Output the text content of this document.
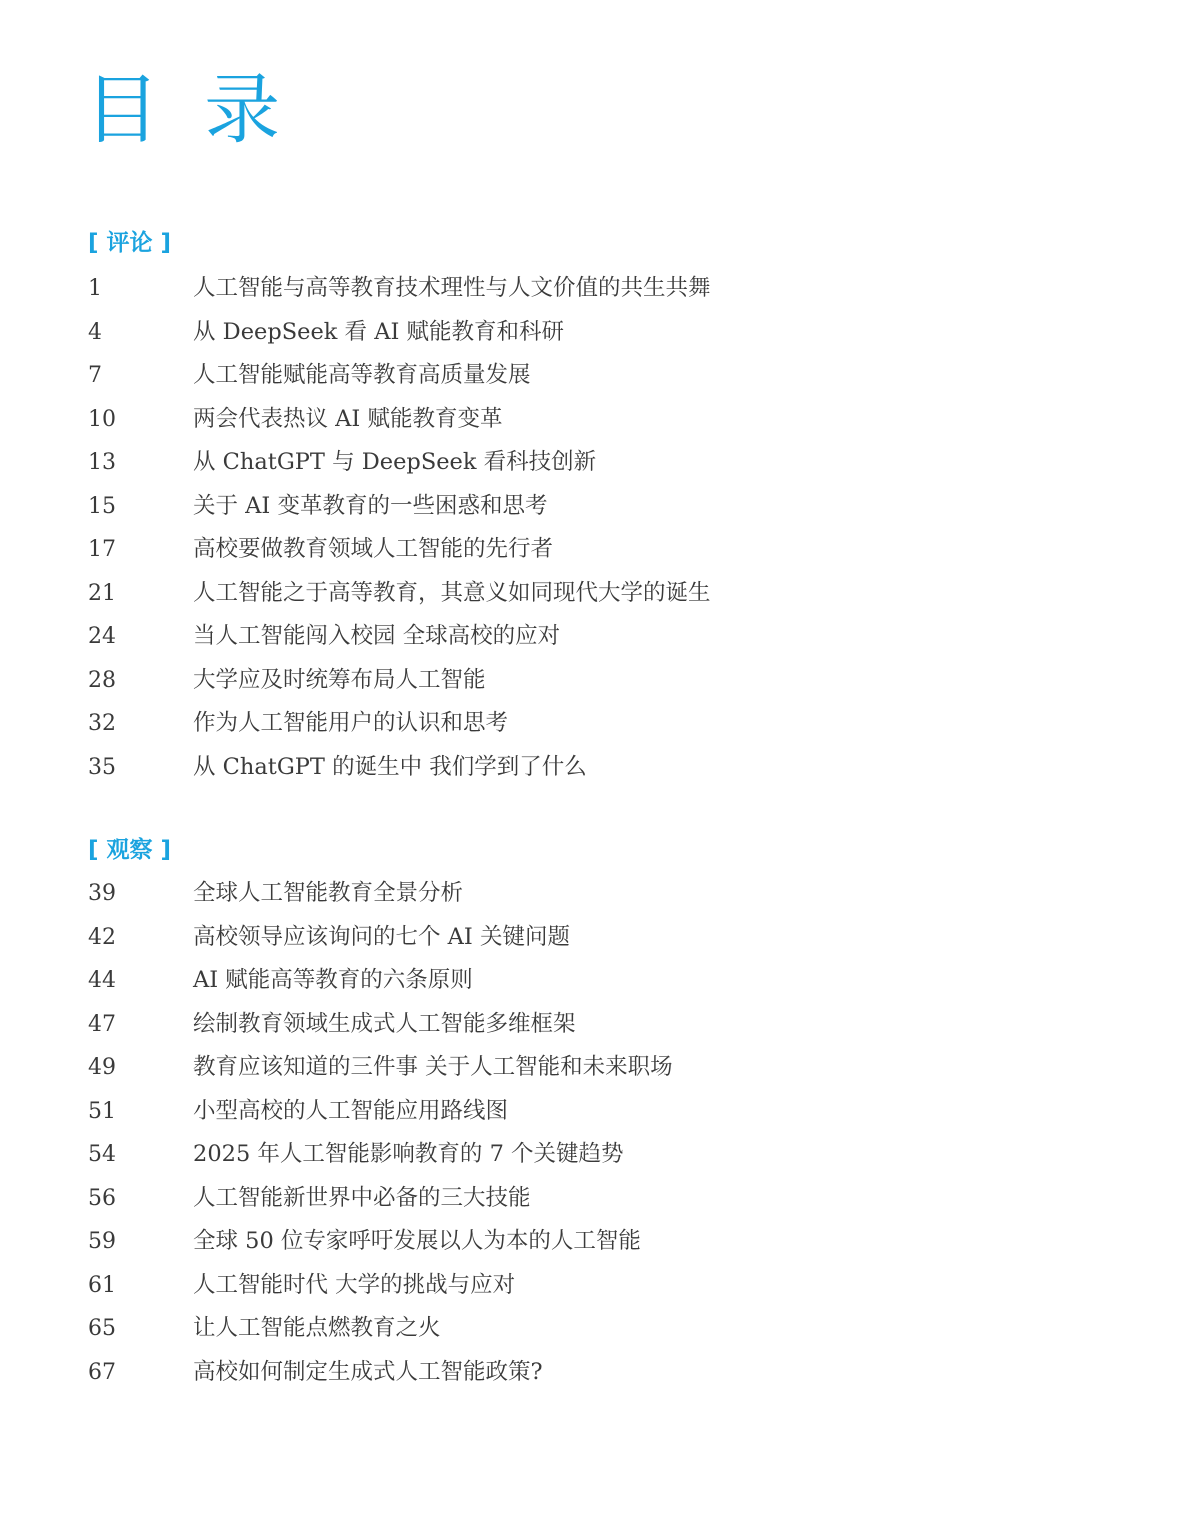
目 录
[ 评论 ]
1	人工智能与高等教育技术理性与人文价值的共生共舞
4	从 DeepSeek 看 AI 赋能教育和科研
7	人工智能赋能高等教育高质量发展
10	两会代表热议 AI 赋能教育变革
13	从 ChatGPT 与 DeepSeek 看科技创新
15	关于 AI 变革教育的一些困惑和思考
17	高校要做教育领域人工智能的先行者
21	人工智能之于高等教育，其意义如同现代大学的诞生
24	当人工智能闯入校园 全球高校的应对
28	大学应及时统筹布局人工智能
32	作为人工智能用户的认识和思考
35	从 ChatGPT 的诞生中 我们学到了什么
[ 观察 ]
39	全球人工智能教育全景分析
42	高校领导应该询问的七个 AI 关键问题
44	AI 赋能高等教育的六条原则
47	绘制教育领域生成式人工智能多维框架
49	教育应该知道的三件事 关于人工智能和未来职场
51	小型高校的人工智能应用路线图
54	2025 年人工智能影响教育的 7 个关键趋势
56	人工智能新世界中必备的三大技能
59	全球 50 位专家呼吁发展以人为本的人工智能
61	人工智能时代 大学的挑战与应对
65	让人工智能点燃教育之火
67	高校如何制定生成式人工智能政策?
